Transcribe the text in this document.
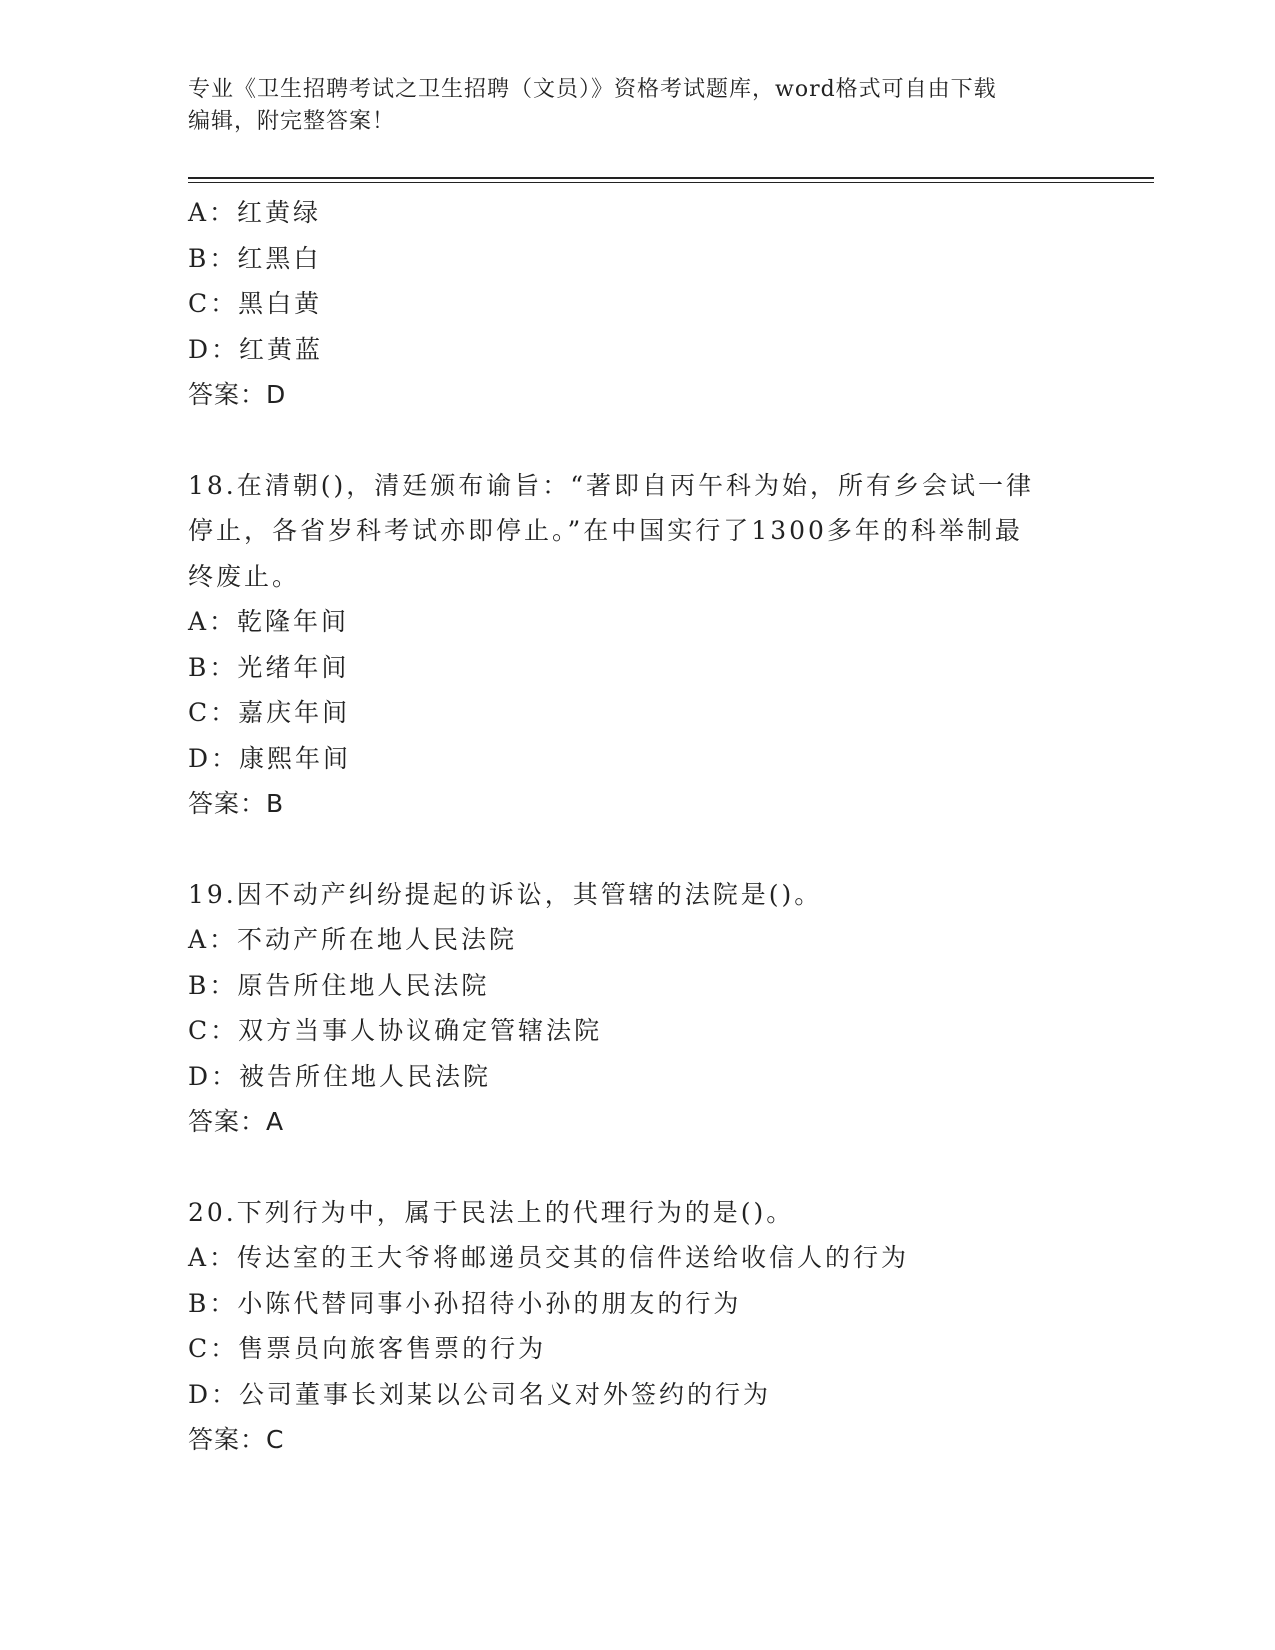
专业《卫生招聘考试之卫生招聘（文员）》资格考试题库，word格式可自由下载
编辑，附完整答案！
A：红黄绿
B：红黑白
C：黑白黄
D：红黄蓝
答案：D
18.在清朝()，清廷颁布谕旨：“著即自丙午科为始，所有乡会试一律
停止，各省岁科考试亦即停止。”在中国实行了1300多年的科举制最
终废止。
A：乾隆年间
B：光绪年间
C：嘉庆年间
D：康熙年间
答案：B
19.因不动产纠纷提起的诉讼，其管辖的法院是()。
A：不动产所在地人民法院
B：原告所住地人民法院
C：双方当事人协议确定管辖法院
D：被告所住地人民法院
答案：A
20.下列行为中，属于民法上的代理行为的是()。
A：传达室的王大爷将邮递员交其的信件送给收信人的行为
B：小陈代替同事小孙招待小孙的朋友的行为
C：售票员向旅客售票的行为
D：公司董事长刘某以公司名义对外签约的行为
答案：C
